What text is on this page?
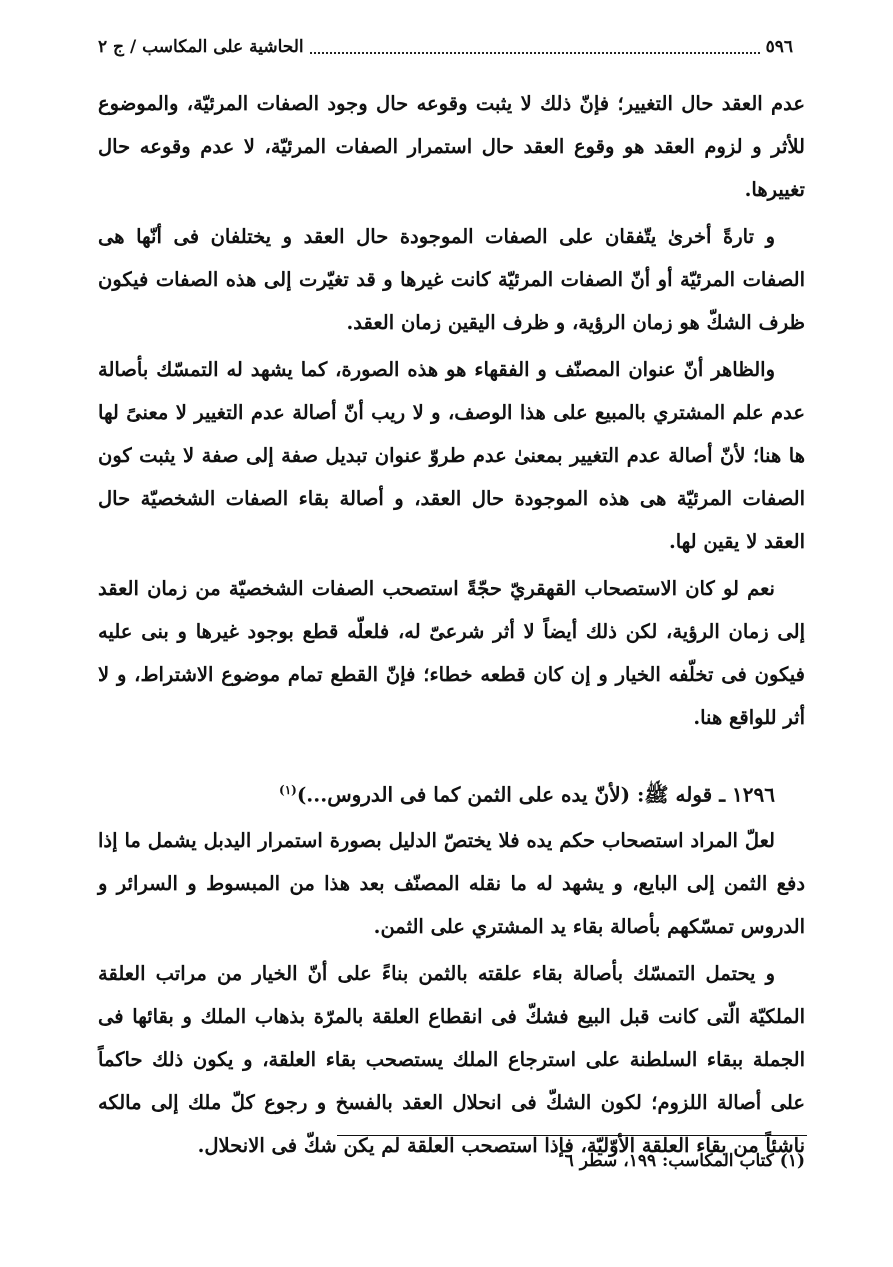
٥٩٦
الحاشية على المكاسب / ج ٢

عدم العقد حال التغيير؛ فإنّ ذلك لا يثبت وقوعه حال وجود الصفات المرئيّة، والموضوع للأثر و لزوم العقد هو وقوع العقد حال استمرار الصفات المرئيّة، لا عدم وقوعه حال تغييرها.

و تارةً أخرىٰ يتّفقان على الصفات الموجودة حال العقد و يختلفان فى أنّها هى الصفات المرئيّة أو أنّ الصفات المرئيّة كانت غيرها و قد تغيّرت إلى هذه الصفات فيكون ظرف الشكّ هو زمان الرؤية، و ظرف اليقين زمان العقد.

والظاهر أنّ عنوان المصنّف و الفقهاء هو هذه الصورة، كما يشهد له التمسّك بأصالة عدم علم المشتري بالمبيع على هذا الوصف، و لا ريب أنّ أصالة عدم التغيير لا معنىً لها ها هنا؛ لأنّ أصالة عدم التغيير بمعنىٰ عدم طروّ عنوان تبديل صفة إلى صفة لا يثبت كون الصفات المرئيّة هى هذه الموجودة حال العقد، و أصالة بقاء الصفات الشخصيّة حال العقد لا يقين لها.

نعم لو كان الاستصحاب القهقريّ حجّةً استصحب الصفات الشخصيّة من زمان العقد إلى زمان الرؤية، لكن ذلك أيضاً لا أثر شرعىّ له، فلعلّه قطع بوجود غيرها و بنى عليه فيكون فى تخلّفه الخيار و إن كان قطعه خطاء؛ فإنّ القطع تمام موضوع الاشتراط، و لا أثر للواقع هنا.

١٢٩٦ ـ قوله ﷺ: (لأنّ يده على الثمن كما فى الدروس...)$^{(١)}$

لعلّ المراد استصحاب حكم يده فلا يختصّ الدليل بصورة استمرار اليدبل يشمل ما إذا دفع الثمن إلى البايع، و يشهد له ما نقله المصنّف بعد هذا من المبسوط و السرائر و الدروس تمسّكهم بأصالة بقاء يد المشتري على الثمن.

و يحتمل التمسّك بأصالة بقاء علقته بالثمن بناءً على أنّ الخيار من مراتب العلقة الملكيّة الّتى كانت قبل البيع فشكّ فى انقطاع العلقة بالمرّة بذهاب الملك و بقائها فى الجملة ببقاء السلطنة على استرجاع الملك يستصحب بقاء العلقة، و يكون ذلك حاكماً على أصالة اللزوم؛ لكون الشكّ فى انحلال العقد بالفسخ و رجوع كلّ ملك إلى مالكه ناشئاً من بقاء العلقة الأوّليّة، فإذا استصحب العلقة لم يكن شكّ فى الانحلال.

(١) كتاب المكاسب: ١٩٩، سطر ٦
